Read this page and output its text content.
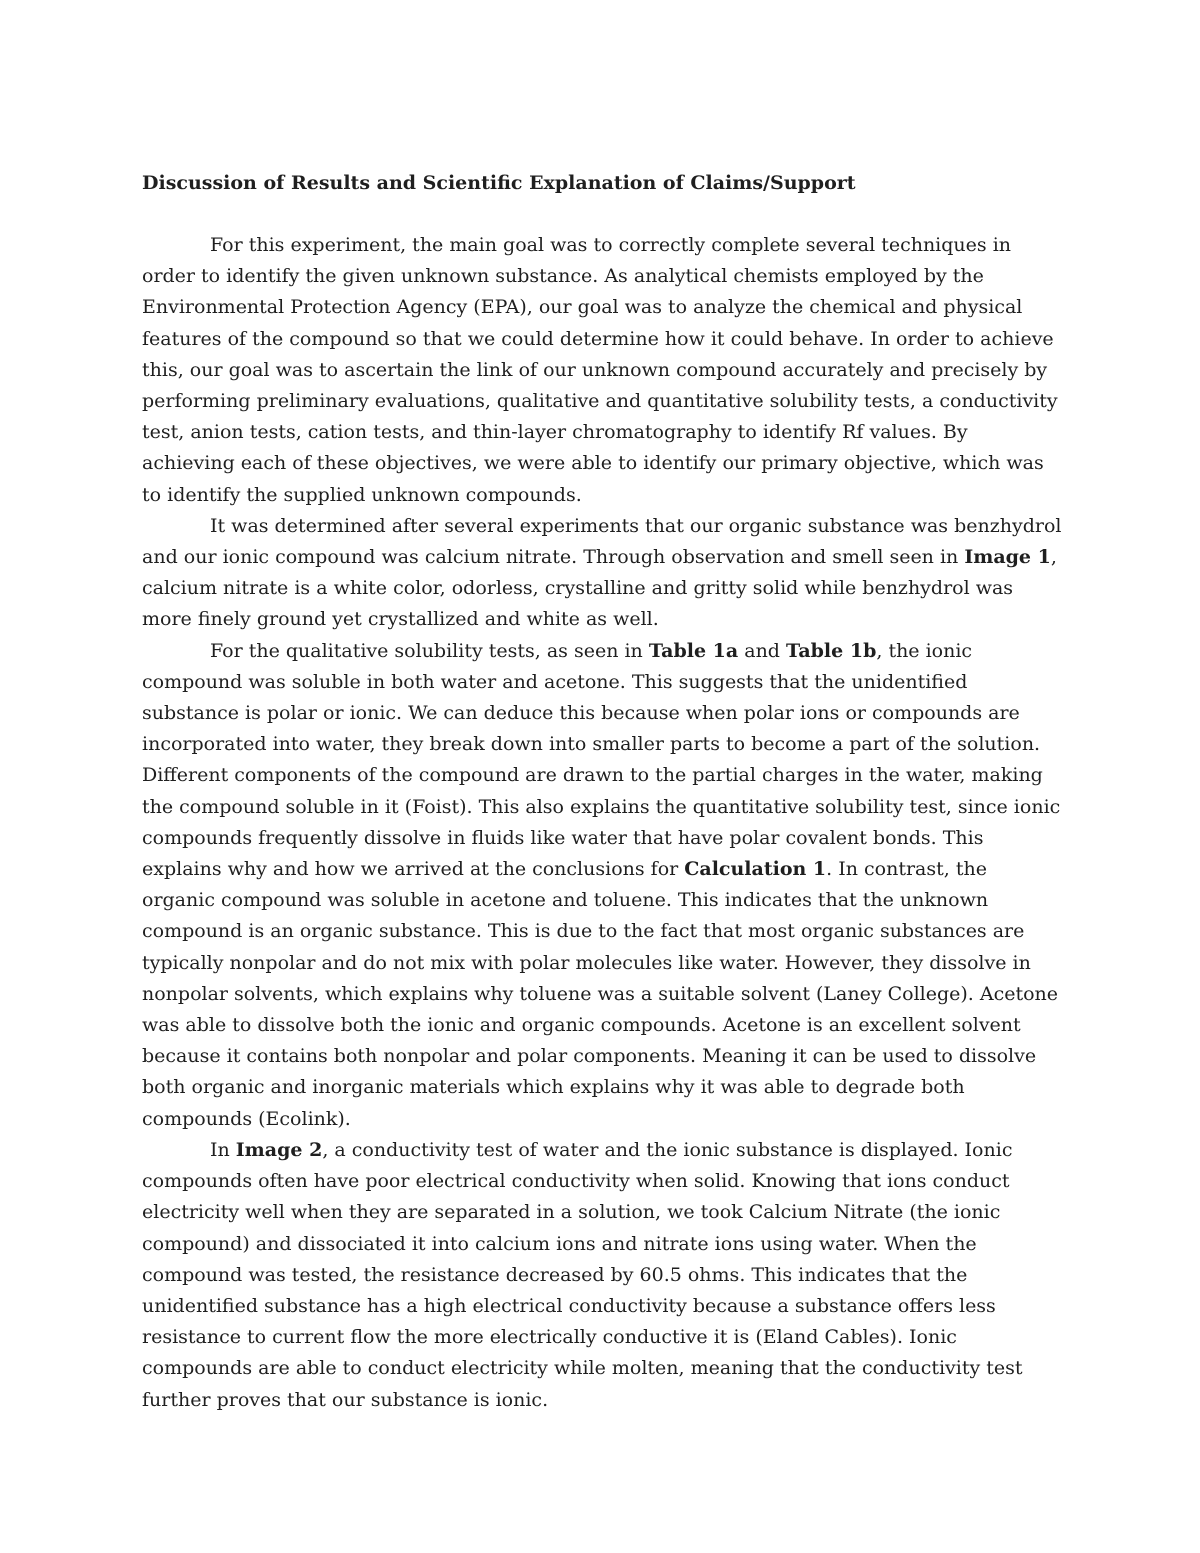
Discussion of Results and Scientific Explanation of Claims/Support

For this experiment, the main goal was to correctly complete several techniques in order to identify the given unknown substance. As analytical chemists employed by the Environmental Protection Agency (EPA), our goal was to analyze the chemical and physical features of the compound so that we could determine how it could behave. In order to achieve this, our goal was to ascertain the link of our unknown compound accurately and precisely by performing preliminary evaluations, qualitative and quantitative solubility tests, a conductivity test, anion tests, cation tests, and thin-layer chromatography to identify Rf values. By achieving each of these objectives, we were able to identify our primary objective, which was to identify the supplied unknown compounds.

It was determined after several experiments that our organic substance was benzhydrol and our ionic compound was calcium nitrate. Through observation and smell seen in Image 1, calcium nitrate is a white color, odorless, crystalline and gritty solid while benzhydrol was more finely ground yet crystallized and white as well.

For the qualitative solubility tests, as seen in Table 1a and Table 1b, the ionic compound was soluble in both water and acetone. This suggests that the unidentified substance is polar or ionic. We can deduce this because when polar ions or compounds are incorporated into water, they break down into smaller parts to become a part of the solution. Different components of the compound are drawn to the partial charges in the water, making the compound soluble in it (Foist). This also explains the quantitative solubility test, since ionic compounds frequently dissolve in fluids like water that have polar covalent bonds. This explains why and how we arrived at the conclusions for Calculation 1. In contrast, the organic compound was soluble in acetone and toluene. This indicates that the unknown compound is an organic substance. This is due to the fact that most organic substances are typically nonpolar and do not mix with polar molecules like water. However, they dissolve in nonpolar solvents, which explains why toluene was a suitable solvent (Laney College). Acetone was able to dissolve both the ionic and organic compounds. Acetone is an excellent solvent because it contains both nonpolar and polar components. Meaning it can be used to dissolve both organic and inorganic materials which explains why it was able to degrade both compounds (Ecolink).

In Image 2, a conductivity test of water and the ionic substance is displayed. Ionic compounds often have poor electrical conductivity when solid. Knowing that ions conduct electricity well when they are separated in a solution, we took Calcium Nitrate (the ionic compound) and dissociated it into calcium ions and nitrate ions using water. When the compound was tested, the resistance decreased by 60.5 ohms. This indicates that the unidentified substance has a high electrical conductivity because a substance offers less resistance to current flow the more electrically conductive it is (Eland Cables). Ionic compounds are able to conduct electricity while molten, meaning that the conductivity test further proves that our substance is ionic.
